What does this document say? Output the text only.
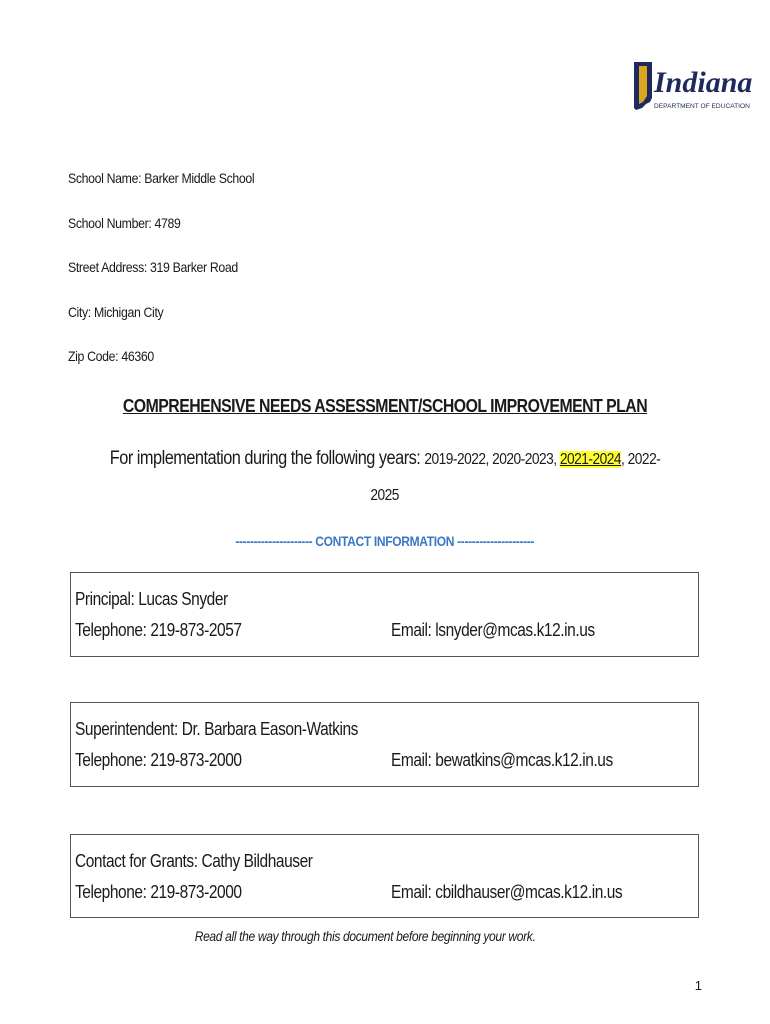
Indiana
DEPARTMENT OF EDUCATION
School Name: Barker Middle School
School Number: 4789
Street Address: 319 Barker Road
City: Michigan City
Zip Code: 46360
COMPREHENSIVE NEEDS ASSESSMENT/SCHOOL IMPROVEMENT PLAN
For implementation during the following years: 2019-2022, 2020-2023, 2021-2024, 2022-
2025
--------------------- CONTACT INFORMATION ---------------------
Principal: Lucas Snyder
Telephone: 219-873-2057	Email: lsnyder@mcas.k12.in.us
Superintendent: Dr. Barbara Eason-Watkins
Telephone: 219-873-2000	Email: bewatkins@mcas.k12.in.us
Contact for Grants: Cathy Bildhauser
Telephone: 219-873-2000	Email: cbildhauser@mcas.k12.in.us
Read all the way through this document before beginning your work.
1
